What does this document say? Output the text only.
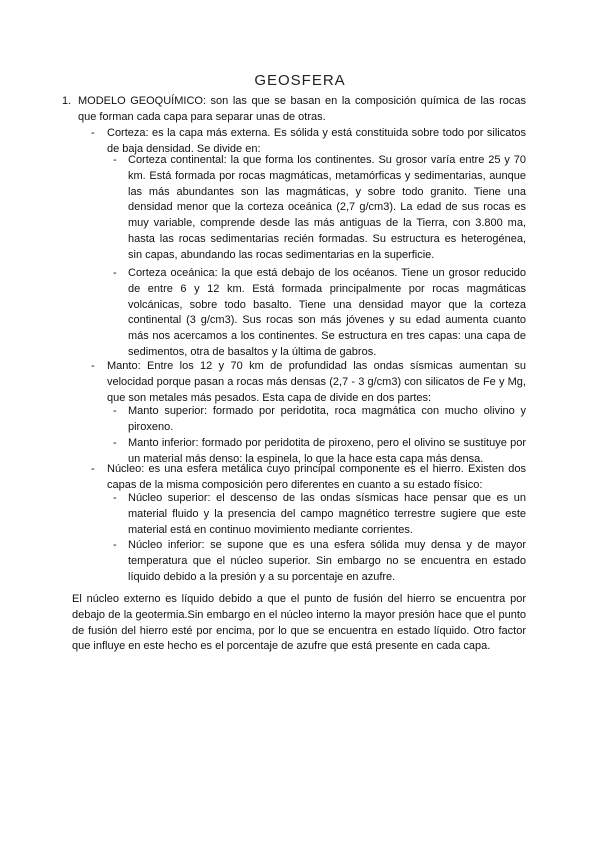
GEOSFERA
1. MODELO GEOQUÍMICO: son las que se basan en la composición química de las rocas que forman cada capa para separar unas de otras.
- Corteza: es la capa más externa. Es sólida y está constituida sobre todo por silicatos de baja densidad. Se divide en:
- Corteza continental: la que forma los continentes. Su grosor varía entre 25 y 70 km. Está formada por rocas magmáticas, metamórficas y sedimentarias, aunque las más abundantes son las magmáticas, y sobre todo granito. Tiene una densidad menor que la corteza oceánica (2,7 g/cm3). La edad de sus rocas es muy variable, comprende desde las más antiguas de la Tierra, con 3.800 ma, hasta las rocas sedimentarias recién formadas. Su estructura es heterogénea, sin capas, abundando las rocas sedimentarias en la superficie.
- Corteza oceánica: la que está debajo de los océanos. Tiene un grosor reducido de entre 6 y 12 km. Está formada principalmente por rocas magmáticas volcánicas, sobre todo basalto. Tiene una densidad mayor que la corteza continental (3 g/cm3). Sus rocas son más jóvenes y su edad aumenta cuanto más nos acercamos a los continentes. Se estructura en tres capas: una capa de sedimentos, otra de basaltos y la última de gabros.
- Manto: Entre los 12 y 70 km de profundidad las ondas sísmicas aumentan su velocidad porque pasan a rocas más densas (2,7 - 3 g/cm3) con silicatos de Fe y Mg, que son metales más pesados. Esta capa de divide en dos partes:
- Manto superior: formado por peridotita, roca magmática con mucho olivino y piroxeno.
- Manto inferior: formado por peridotita de piroxeno, pero el olivino se sustituye por un material más denso: la espinela, lo que la hace esta capa más densa.
- Núcleo: es una esfera metálica cuyo principal componente es el hierro. Existen dos capas de la misma composición pero diferentes en cuanto a su estado físico:
- Núcleo superior: el descenso de las ondas sísmicas hace pensar que es un material fluido y la presencia del campo magnético terrestre sugiere que este material está en continuo movimiento mediante corrientes.
- Núcleo inferior: se supone que es una esfera sólida muy densa y de mayor temperatura que el núcleo superior. Sin embargo no se encuentra en estado líquido debido a la presión y a su porcentaje en azufre.
El núcleo externo es líquido debido a que el punto de fusión del hierro se encuentra por debajo de la geotermia.Sin embargo en el núcleo interno la mayor presión hace que el punto de fusión del hierro esté por encima, por lo que se encuentra en estado líquido. Otro factor que influye en este hecho es el porcentaje de azufre que está presente en cada capa.
